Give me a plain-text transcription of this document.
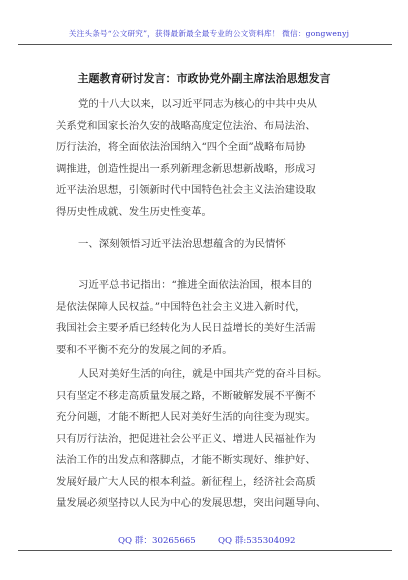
关注头条号“公文研究”，获得最新最全最专业的公文资料库！ 微信：gongwenyj
主题教育研讨发言：市政协党外副主席法治思想发言
党的十八大以来，以习近平同志为核心的中共中央从
关系党和国家长治久安的战略高度定位法治、布局法治、
厉行法治，将全面依法治国纳入“四个全面”战略布局协
调推进，创造性提出一系列新理念新思想新战略，形成习
近平法治思想，引领新时代中国特色社会主义法治建设取
得历史性成就、发生历史性变革。
一、深刻领悟习近平法治思想蕴含的为民情怀
习近平总书记指出：“推进全面依法治国，根本目的
是依法保障人民权益。”中国特色社会主义进入新时代，
我国社会主要矛盾已经转化为人民日益增长的美好生活需
要和不平衡不充分的发展之间的矛盾。
人民对美好生活的向往，就是中国共产党的奋斗目标。
只有坚定不移走高质量发展之路，不断破解发展不平衡不
充分问题，才能不断把人民对美好生活的向往变为现实。
只有厉行法治，把促进社会公平正义、增进人民福祉作为
法治工作的出发点和落脚点，才能不断实现好、维护好、
发展好最广大人民的根本利益。新征程上，经济社会高质
量发展必须坚持以人民为中心的发展思想，突出问题导向、
QQ 群：30265665	QQ 群:535304092
